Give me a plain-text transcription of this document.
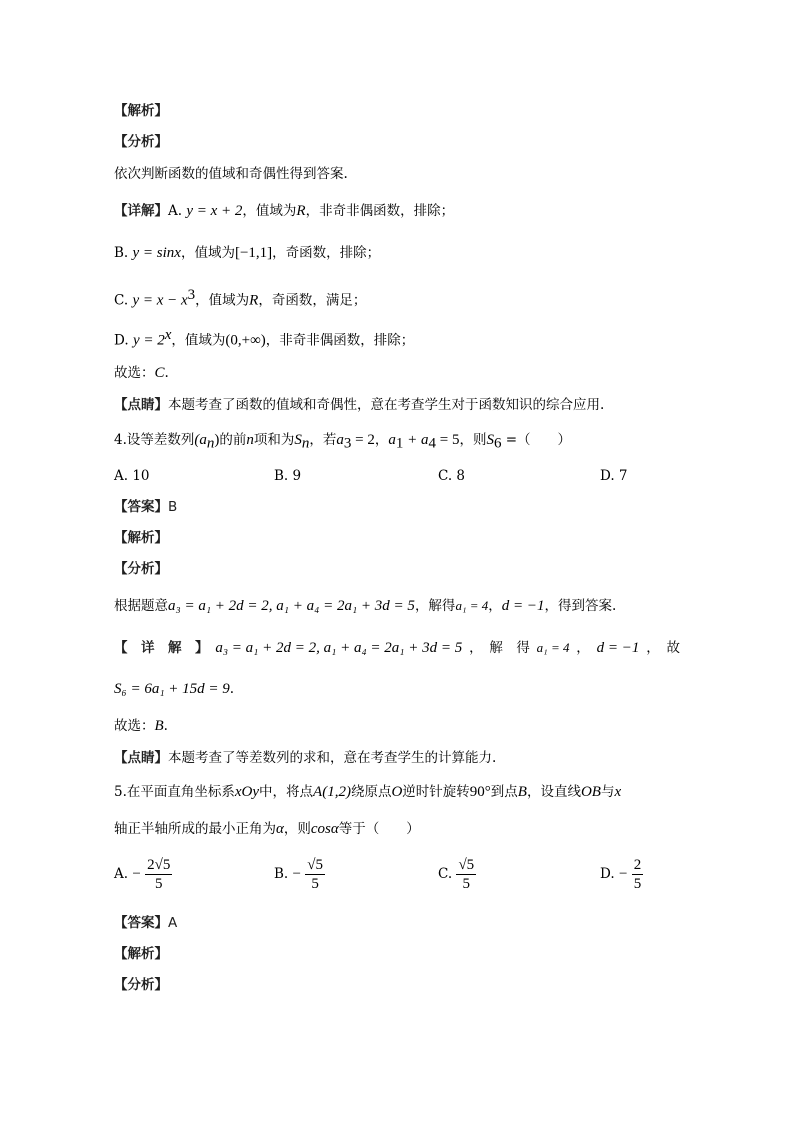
【解析】
【分析】
依次判断函数的值域和奇偶性得到答案.
【详解】A. y = x + 2，值域为R，非奇非偶函数，排除；
B. y = sinx，值域为[−1,1]，奇函数，排除；
C. $y = x - x^3$，值域为R，奇函数，满足；
D. $y = 2^x$，值域为(0,+∞)，非奇非偶函数，排除；
故选：C.
【点睛】本题考查了函数的值域和奇偶性，意在考查学生对于函数知识的综合应用.
4.设等差数列$(a_n)$的前n项和为$S_n$，若$a_3 = 2$，$a_1 + a_4 = 5$，则$S_6$ =（　　）
A. 10	B. 9	C. 8	D. 7
【答案】B
【解析】
【分析】
根据题意a₃ = a₁ + 2d = 2, a₁ + a₄ = 2a₁ + 3d = 5，解得a₁ = 4，d = −1，得到答案.
【　详　解　】 a₃ = a₁ + 2d = 2, a₁ + a₄ = 2a₁ + 3d = 5 ，　解　得 a₁ = 4 ， d = −1 ，　故
S₆ = 6a₁ + 15d = 9.
故选：B.
【点睛】本题考查了等差数列的求和，意在考查学生的计算能力.
5.在平面直角坐标系xOy中，将点A(1,2)绕原点O逆时针旋转90°到点B，设直线OB与x
轴正半轴所成的最小正角为α，则cosα等于（　　）
A. − $\frac{2√5}{5}$	B. − $\frac{√5}{5}$	C. $\frac{√5}{5}$	D. − $\frac{2}{5}$
【答案】A
【解析】
【分析】
